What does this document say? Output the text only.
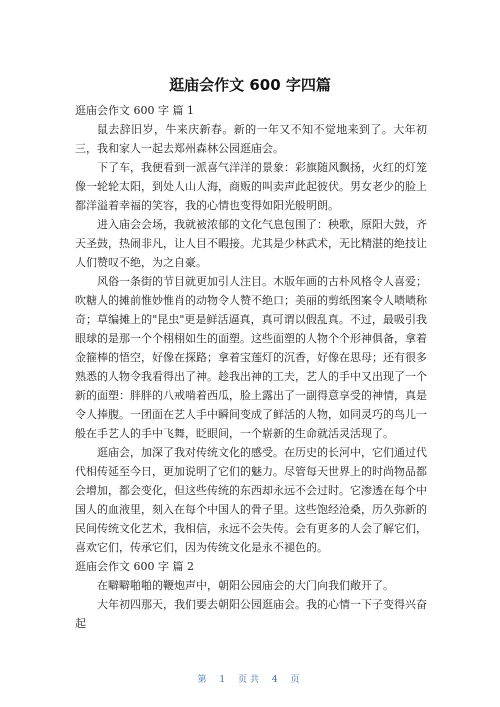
逛庙会作文 600 字四篇
逛庙会作文 600 字 篇 1

鼠去辞旧岁，牛来庆新春。新的一年又不知不觉地来到了。大年初三，我和家人一起去郑州森林公园逛庙会。

下了车，我便看到一派喜气洋洋的景象：彩旗随风飘扬，火红的灯笼像一轮轮太阳，到处人山人海，商贩的叫卖声此起彼伏。男女老少的脸上都洋溢着幸福的笑容，我的心情也变得如阳光般明朗。

进入庙会会场，我就被浓郁的文化气息包围了：秧歌，原阳大鼓，齐天圣鼓，热闹非凡，让人目不暇接。尤其是少林武术，无比精湛的绝技让人们赞叹不绝，为之自豪。

风俗一条街的节目就更加引人注目。木版年画的古朴风格令人喜爱；吹糖人的摊前惟妙惟肖的动物令人赞不绝口；美丽的剪纸图案令人啧啧称奇；草编摊上的"昆虫"更是鲜活逼真，真可谓以假乱真。不过，最吸引我眼球的是那一个个栩栩如生的面塑。这些面塑的人物个个形神俱备，拿着金箍棒的悟空，好像在探路；拿着宝莲灯的沉香，好像在思母；还有很多熟悉的人物令我看得出了神。趁我出神的工夫，艺人的手中又出现了一个新的面塑：胖胖的八戒啃着西瓜，脸上露出了一副得意享受的神情，真是令人捧腹。一团面在艺人手中瞬间变成了鲜活的人物，如同灵巧的鸟儿一般在手艺人的手中飞舞，眨眼间，一个崭新的生命就活灵活现了。

逛庙会，加深了我对传统文化的感受。在历史的长河中，它们通过代代相传延至今日，更加说明了它们的魅力。尽管每天世界上的时尚物品都会增加，都会变化，但这些传统的东西却永远不会过时。它渗透在每个中国人的血液里，刻入在每个中国人的骨子里。这些饱经沧桑，历久弥新的民间传统文化艺术，我相信，永远不会失传。会有更多的人会了解它们，喜欢它们，传承它们，因为传统文化是永不褪色的。

逛庙会作文 600 字 篇 2

在噼噼啪啪的鞭炮声中，朝阳公园庙会的大门向我们敞开了。

大年初四那天，我们要去朝阳公园逛庙会。我的心情一下子变得兴奋起

第 1 页共 4 页
